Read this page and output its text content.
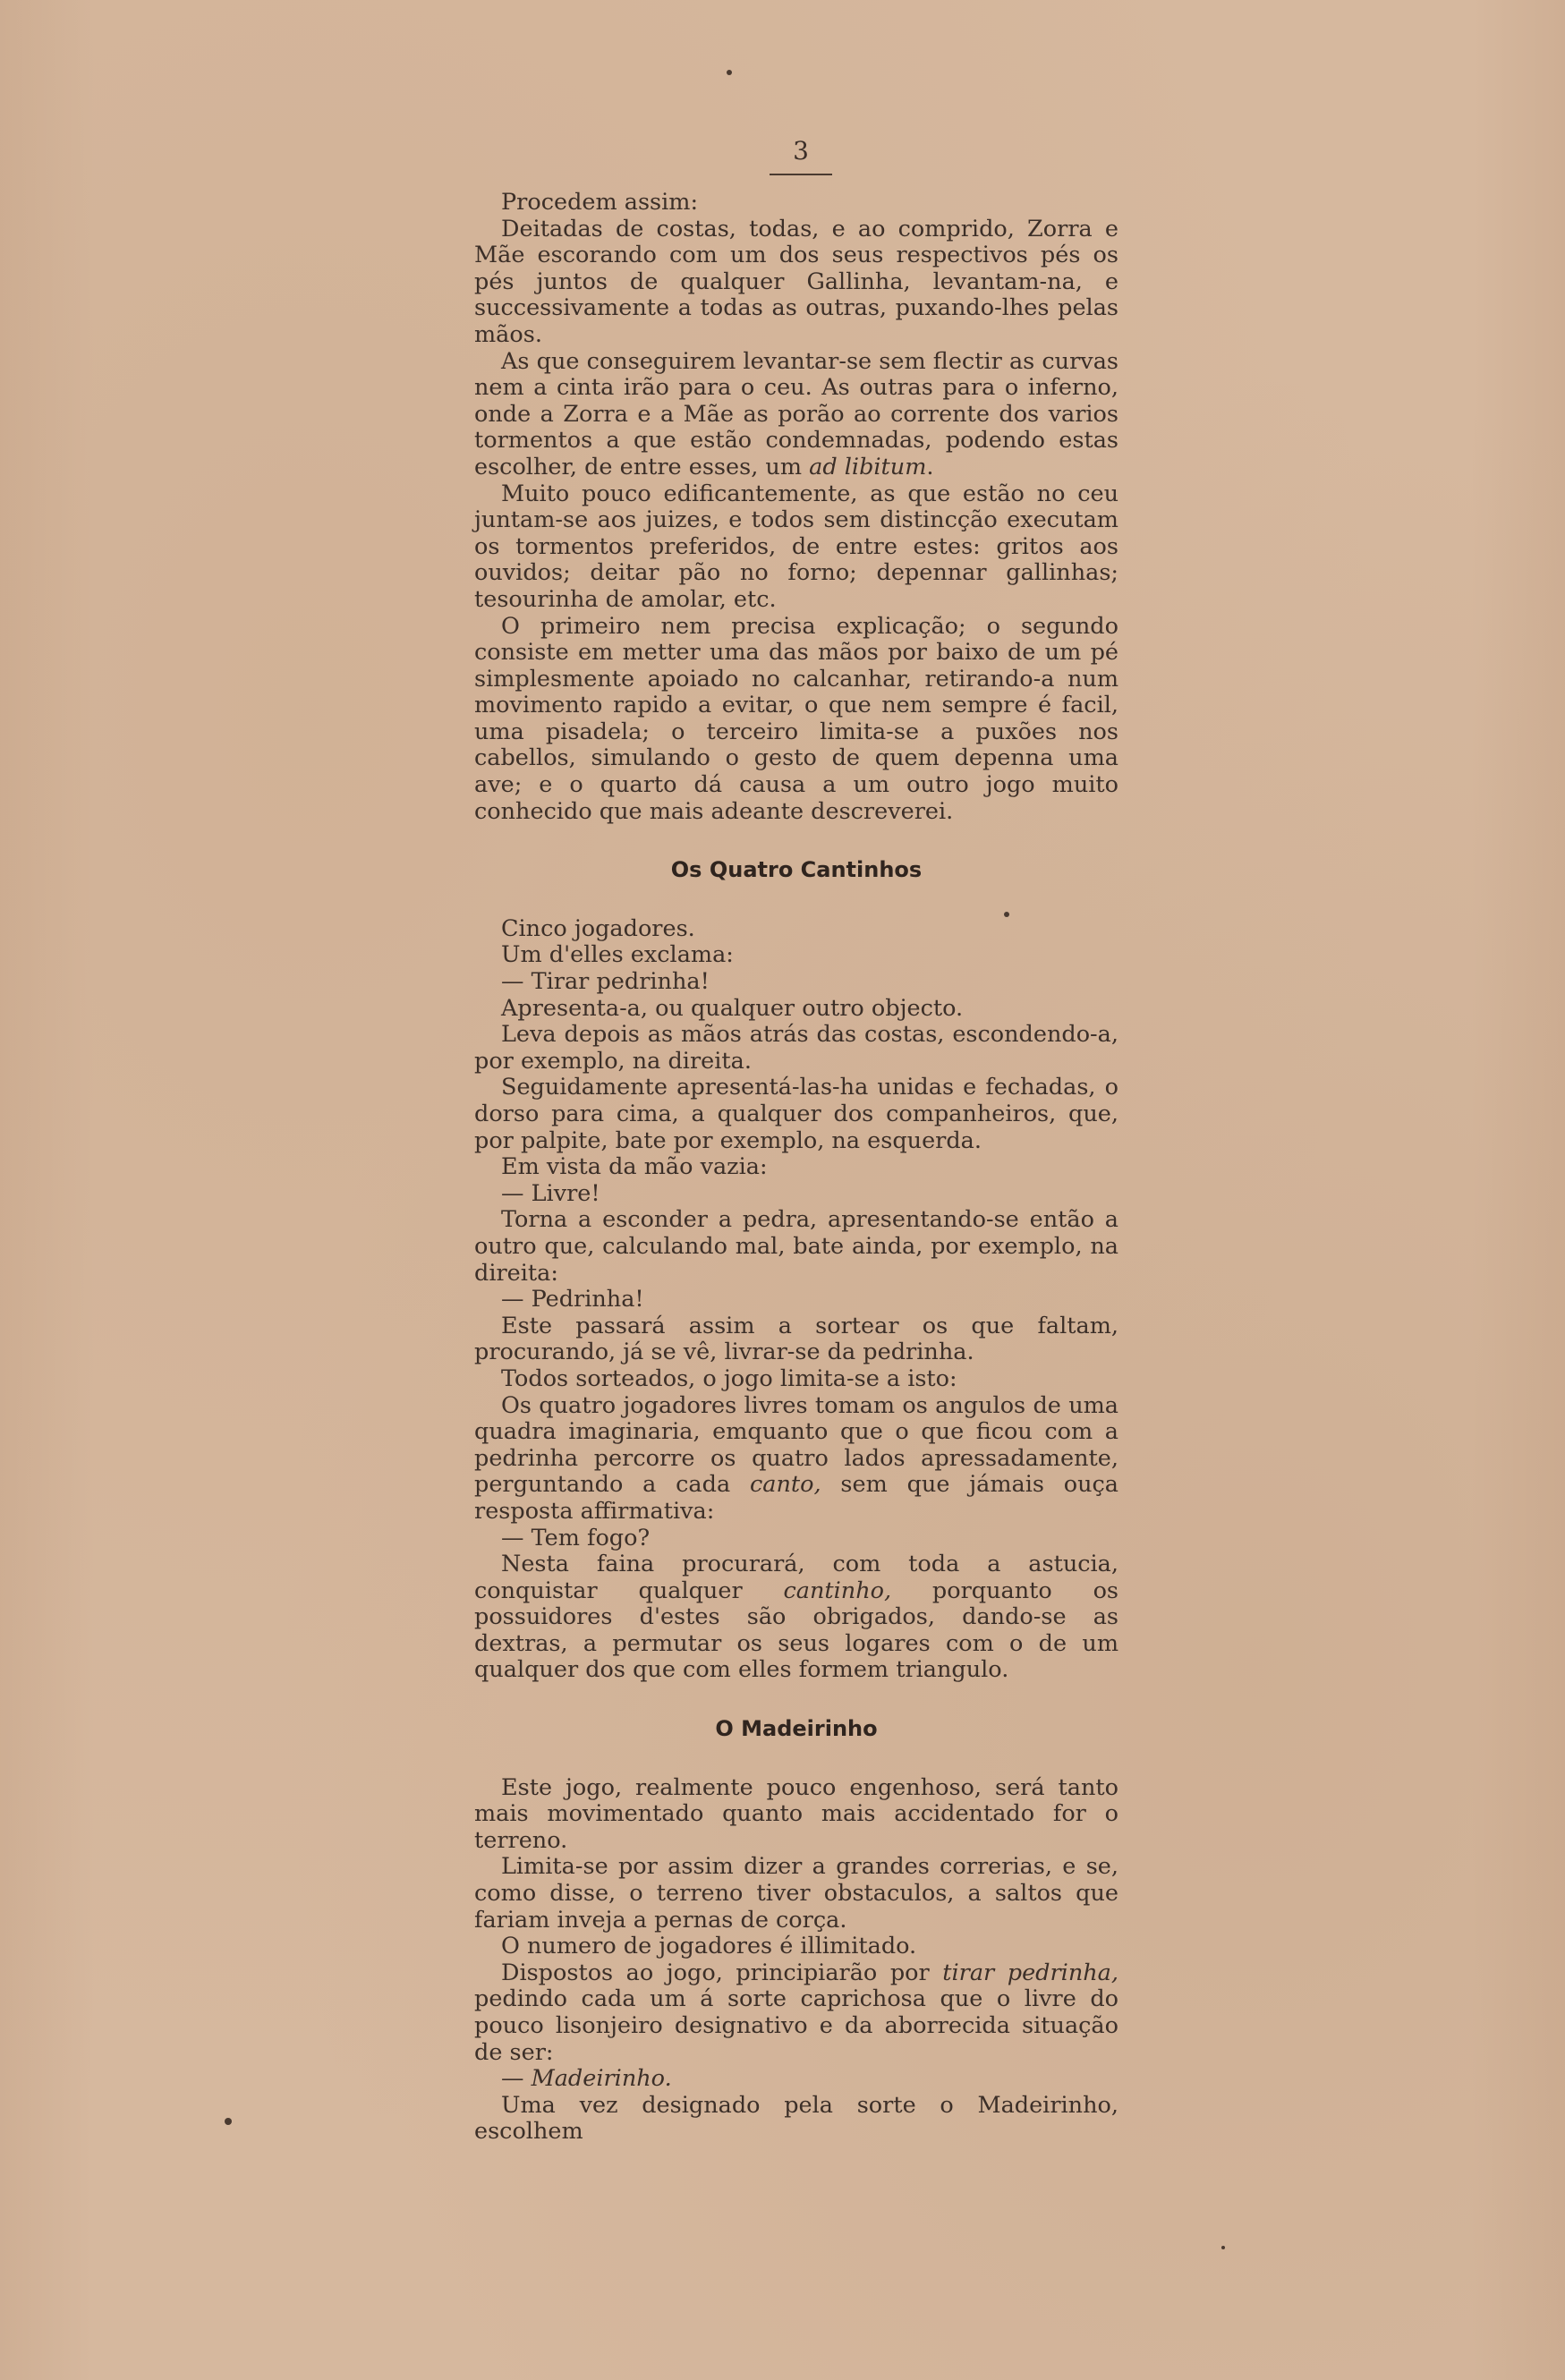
3

Procedem assim:

Deitadas de costas, todas, e ao comprido, Zorra e Mãe escorando com um dos seus respectivos pés os pés juntos de qualquer Gallinha, levantam-na, e successivamente a todas as outras, puxando-lhes pelas mãos.

As que conseguirem levantar-se sem flectir as curvas nem a cinta irão para o ceu. As outras para o inferno, onde a Zorra e a Mãe as porão ao corrente dos varios tormentos a que estão condemnadas, podendo estas escolher, de entre esses, um ad libitum.

Muito pouco edificantemente, as que estão no ceu juntam-se aos juizes, e todos sem distincção executam os tormentos preferidos, de entre estes: gritos aos ouvidos; deitar pão no forno; depennar gallinhas; tesourinha de amolar, etc.

O primeiro nem precisa explicação; o segundo consiste em metter uma das mãos por baixo de um pé simplesmente apoiado no calcanhar, retirando-a num movimento rapido a evitar, o que nem sempre é facil, uma pisadela; o terceiro limita-se a puxões nos cabellos, simulando o gesto de quem depenna uma ave; e o quarto dá causa a um outro jogo muito conhecido que mais adeante descreverei.

Os Quatro Cantinhos

Cinco jogadores.

Um d'elles exclama:

— Tirar pedrinha!

Apresenta-a, ou qualquer outro objecto.

Leva depois as mãos atrás das costas, escondendo-a, por exemplo, na direita.

Seguidamente apresentá-las-ha unidas e fechadas, o dorso para cima, a qualquer dos companheiros, que, por palpite, bate por exemplo, na esquerda.

Em vista da mão vazia:

— Livre!

Torna a esconder a pedra, apresentando-se então a outro que, calculando mal, bate ainda, por exemplo, na direita:

— Pedrinha!

Este passará assim a sortear os que faltam, procurando, já se vê, livrar-se da pedrinha.

Todos sorteados, o jogo limita-se a isto:

Os quatro jogadores livres tomam os angulos de uma quadra imaginaria, emquanto que o que ficou com a pedrinha percorre os quatro lados apressadamente, perguntando a cada canto, sem que jámais ouça resposta affirmativa:

— Tem fogo?

Nesta faina procurará, com toda a astucia, conquistar qualquer cantinho, porquanto os possuidores d'estes são obrigados, dando-se as dextras, a permutar os seus logares com o de um qualquer dos que com elles formem triangulo.

O Madeirinho

Este jogo, realmente pouco engenhoso, será tanto mais movimentado quanto mais accidentado for o terreno.

Limita-se por assim dizer a grandes correrias, e se, como disse, o terreno tiver obstaculos, a saltos que fariam inveja a pernas de corça.

O numero de jogadores é illimitado.

Dispostos ao jogo, principiarão por tirar pedrinha, pedindo cada um á sorte caprichosa que o livre do pouco lisonjeiro designativo e da aborrecida situação de ser:

— Madeirinho.

Uma vez designado pela sorte o Madeirinho, escolhem
